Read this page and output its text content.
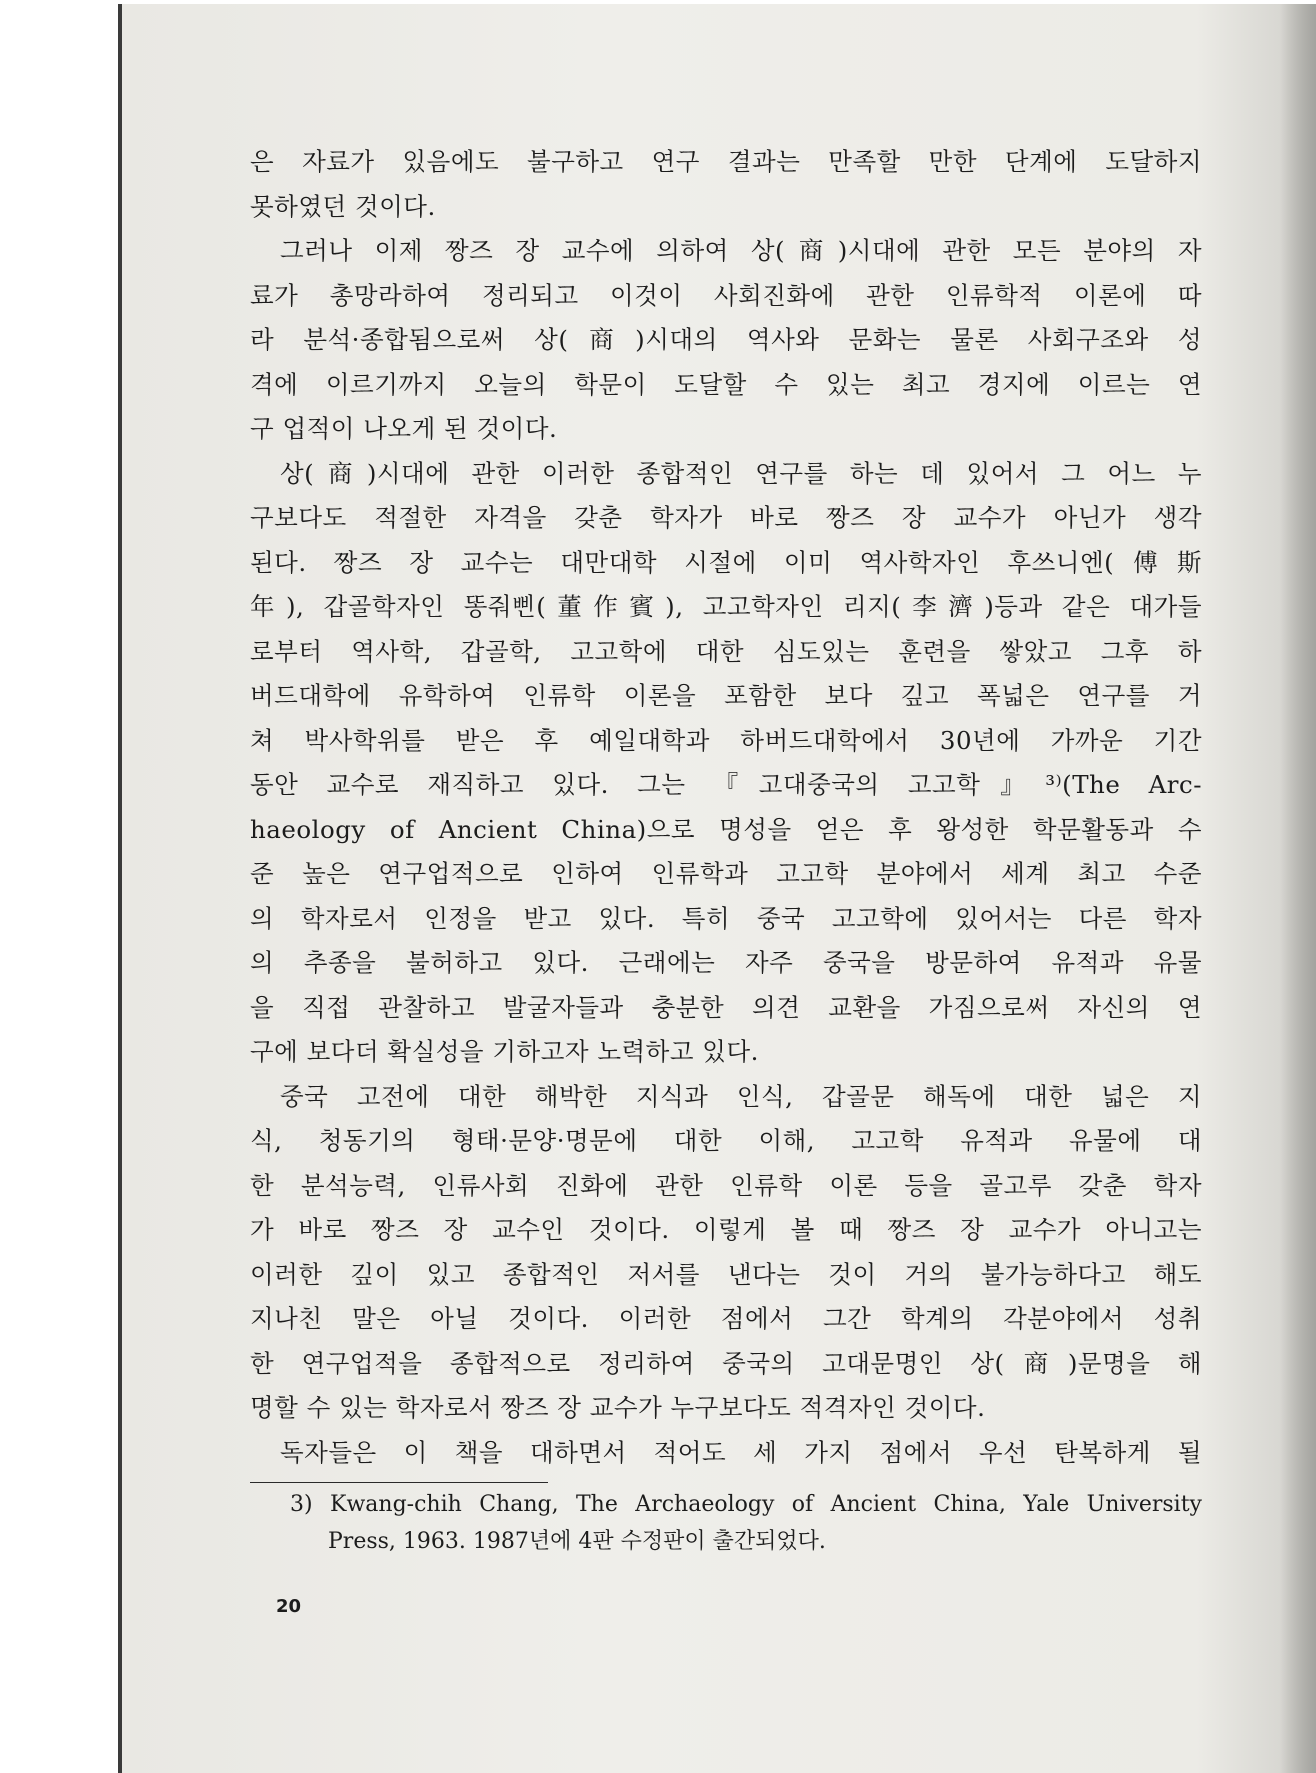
은 자료가 있음에도 불구하고 연구 결과는 만족할 만한 단계에 도달하지
못하였던 것이다.
그러나 이제 짱즈 장 교수에 의하여 상(商)시대에 관한 모든 분야의 자
료가 총망라하여 정리되고 이것이 사회진화에 관한 인류학적 이론에 따
라 분석·종합됨으로써 상(商)시대의 역사와 문화는 물론 사회구조와 성
격에 이르기까지 오늘의 학문이 도달할 수 있는 최고 경지에 이르는 연
구 업적이 나오게 된 것이다.
상(商)시대에 관한 이러한 종합적인 연구를 하는 데 있어서 그 어느 누
구보다도 적절한 자격을 갖춘 학자가 바로 짱즈 장 교수가 아닌가 생각
된다. 짱즈 장 교수는 대만대학 시절에 이미 역사학자인 후쓰니엔(傅斯
年), 갑골학자인 똥줘삔(董作賓), 고고학자인 리지(李濟)등과 같은 대가들
로부터 역사학, 갑골학, 고고학에 대한 심도있는 훈련을 쌓았고 그후 하
버드대학에 유학하여 인류학 이론을 포함한 보다 깊고 폭넓은 연구를 거
쳐 박사학위를 받은 후 예일대학과 하버드대학에서 30년에 가까운 기간
동안 교수로 재직하고 있다. 그는 『고대중국의 고고학』³⁾(The Arc-
haeology of Ancient China)으로 명성을 얻은 후 왕성한 학문활동과 수
준 높은 연구업적으로 인하여 인류학과 고고학 분야에서 세계 최고 수준
의 학자로서 인정을 받고 있다. 특히 중국 고고학에 있어서는 다른 학자
의 추종을 불허하고 있다. 근래에는 자주 중국을 방문하여 유적과 유물
을 직접 관찰하고 발굴자들과 충분한 의견 교환을 가짐으로써 자신의 연
구에 보다더 확실성을 기하고자 노력하고 있다.
중국 고전에 대한 해박한 지식과 인식, 갑골문 해독에 대한 넓은 지
식, 청동기의 형태·문양·명문에 대한 이해, 고고학 유적과 유물에 대
한 분석능력, 인류사회 진화에 관한 인류학 이론 등을 골고루 갖춘 학자
가 바로 짱즈 장 교수인 것이다. 이렇게 볼 때 짱즈 장 교수가 아니고는
이러한 깊이 있고 종합적인 저서를 낸다는 것이 거의 불가능하다고 해도
지나친 말은 아닐 것이다. 이러한 점에서 그간 학계의 각분야에서 성취
한 연구업적을 종합적으로 정리하여 중국의 고대문명인 상(商)문명을 해
명할 수 있는 학자로서 짱즈 장 교수가 누구보다도 적격자인 것이다.
독자들은 이 책을 대하면서 적어도 세 가지 점에서 우선 탄복하게 될
3) Kwang-chih Chang, The Archaeology of Ancient China, Yale University
Press, 1963. 1987년에 4판 수정판이 출간되었다.
20
